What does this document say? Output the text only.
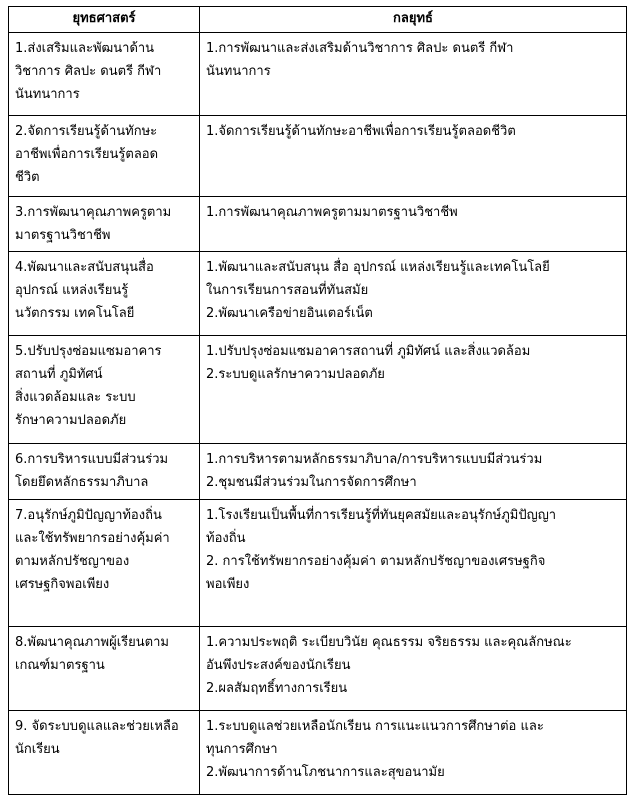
ยุทธศาสตร์	กลยุทธ์

1.ส่งเสริมและพัฒนาด้าน
วิชาการ ศิลปะ ดนตรี กีฬา
นันทนาการ	1.การพัฒนาและส่งเสริมด้านวิชาการ ศิลปะ ดนตรี กีฬา
นันทนาการ

2.จัดการเรียนรู้ด้านทักษะ
อาชีพเพื่อการเรียนรู้ตลอด
ชีวิต	1.จัดการเรียนรู้ด้านทักษะอาชีพเพื่อการเรียนรู้ตลอดชีวิต

3.การพัฒนาคุณภาพครูตาม
มาตรฐานวิชาชีพ	1.การพัฒนาคุณภาพครูตามมาตรฐานวิชาชีพ

4.พัฒนาและสนับสนุนสื่อ
อุปกรณ์ แหล่งเรียนรู้
นวัตกรรม เทคโนโลยี	1.พัฒนาและสนับสนุน สื่อ อุปกรณ์ แหล่งเรียนรู้และเทคโนโลยี
ในการเรียนการสอนที่ทันสมัย
2.พัฒนาเครือข่ายอินเตอร์เน็ต

5.ปรับปรุงซ่อมแซมอาคาร
สถานที่ ภูมิทัศน์
สิ่งแวดล้อมและ ระบบ
รักษาความปลอดภัย	1.ปรับปรุงซ่อมแซมอาคารสถานที่ ภูมิทัศน์ และสิ่งแวดล้อม
2.ระบบดูแลรักษาความปลอดภัย

6.การบริหารแบบมีส่วนร่วม
โดยยึดหลักธรรมาภิบาล	1.การบริหารตามหลักธรรมาภิบาล/การบริหารแบบมีส่วนร่วม
2.ชุมชนมีส่วนร่วมในการจัดการศึกษา

7.อนุรักษ์ภูมิปัญญาท้องถิ่น
และใช้ทรัพยากรอย่างคุ้มค่า
ตามหลักปรัชญาของ
เศรษฐกิจพอเพียง	1.โรงเรียนเป็นพื้นที่การเรียนรู้ที่ทันยุคสมัยและอนุรักษ์ภูมิปัญญา
ท้องถิ่น
2. การใช้ทรัพยากรอย่างคุ้มค่า ตามหลักปรัชญาของเศรษฐกิจ
พอเพียง

8.พัฒนาคุณภาพผู้เรียนตาม
เกณฑ์มาตรฐาน	1.ความประพฤติ ระเบียบวินัย คุณธรรม จริยธรรม และคุณลักษณะ
อันพึงประสงค์ของนักเรียน
2.ผลสัมฤทธิ์ทางการเรียน

9. จัดระบบดูแลและช่วยเหลือ
นักเรียน	1.ระบบดูแลช่วยเหลือนักเรียน การแนะแนวการศึกษาต่อ และ
ทุนการศึกษา
2.พัฒนาการด้านโภชนาการและสุขอนามัย
